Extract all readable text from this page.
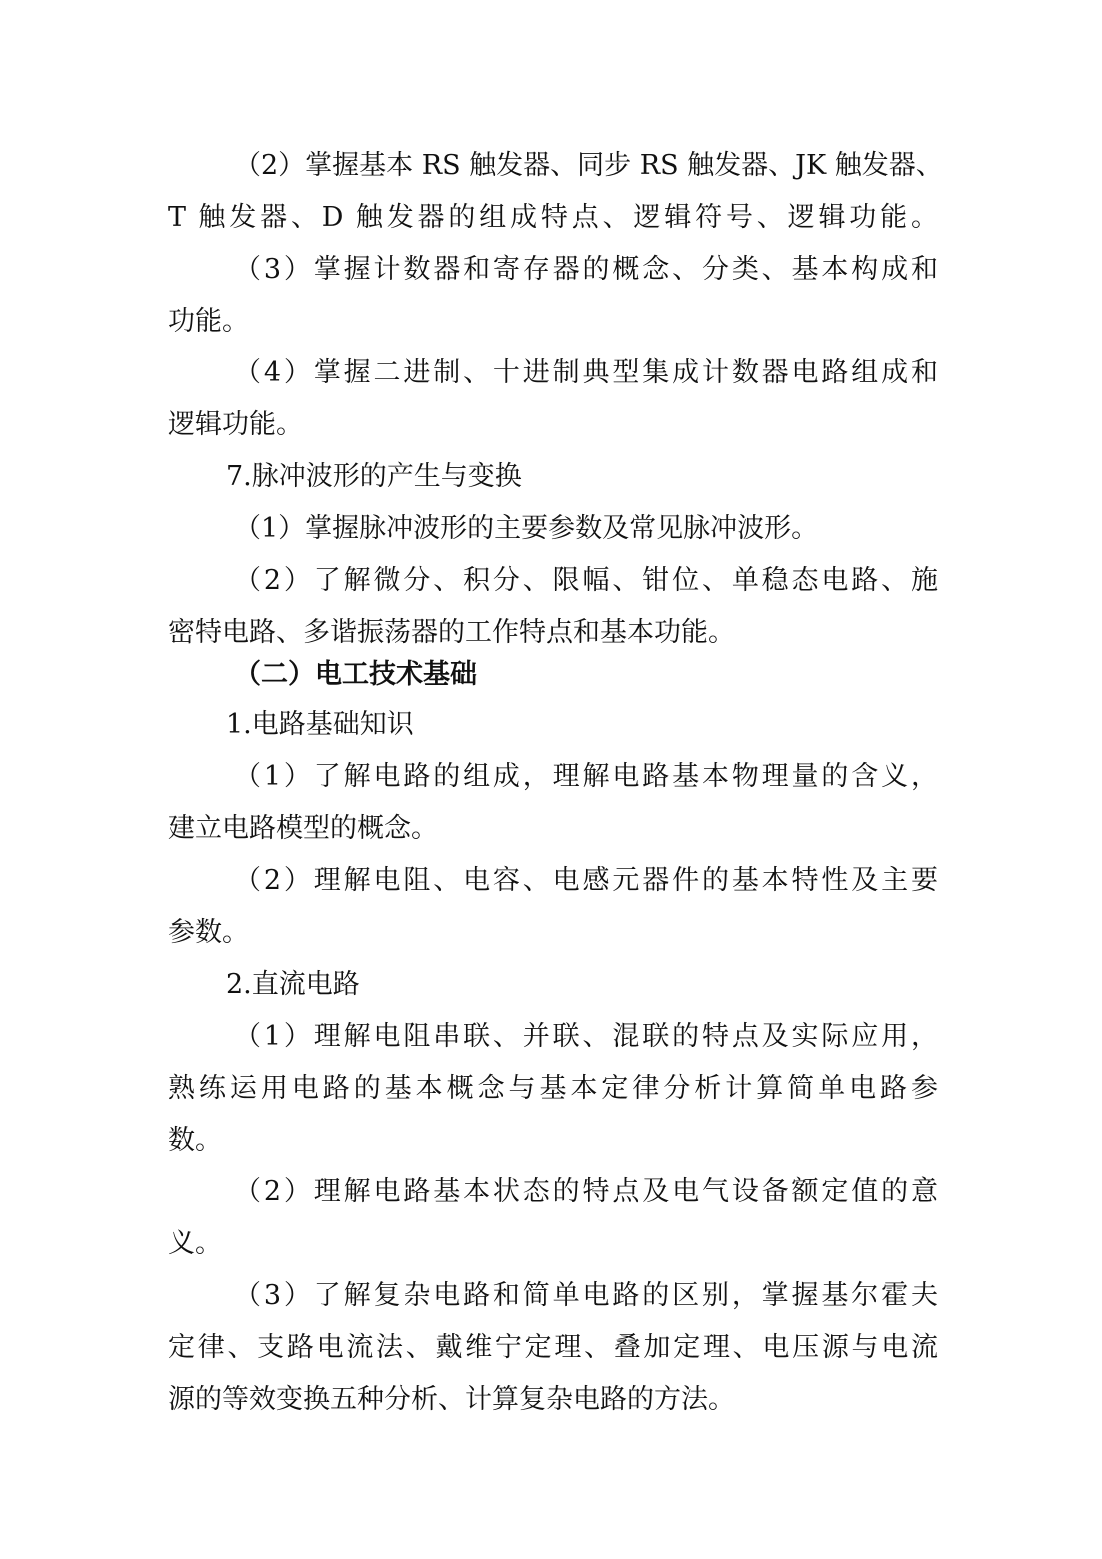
（2）掌握基本 RS 触发器、同步 RS 触发器、JK 触发器、
T 触发器、D 触发器的组成特点、逻辑符号、逻辑功能。
（3）掌握计数器和寄存器的概念、分类、基本构成和
功能。
（4）掌握二进制、十进制典型集成计数器电路组成和
逻辑功能。
7.脉冲波形的产生与变换
（1）掌握脉冲波形的主要参数及常见脉冲波形。
（2）了解微分、积分、限幅、钳位、单稳态电路、施
密特电路、多谐振荡器的工作特点和基本功能。
（二）电工技术基础
1.电路基础知识
（1）了解电路的组成，理解电路基本物理量的含义，
建立电路模型的概念。
（2）理解电阻、电容、电感元器件的基本特性及主要
参数。
2.直流电路
（1）理解电阻串联、并联、混联的特点及实际应用，
熟练运用电路的基本概念与基本定律分析计算简单电路参
数。
（2）理解电路基本状态的特点及电气设备额定值的意
义。
（3）了解复杂电路和简单电路的区别，掌握基尔霍夫
定律、支路电流法、戴维宁定理、叠加定理、电压源与电流
源的等效变换五种分析、计算复杂电路的方法。
